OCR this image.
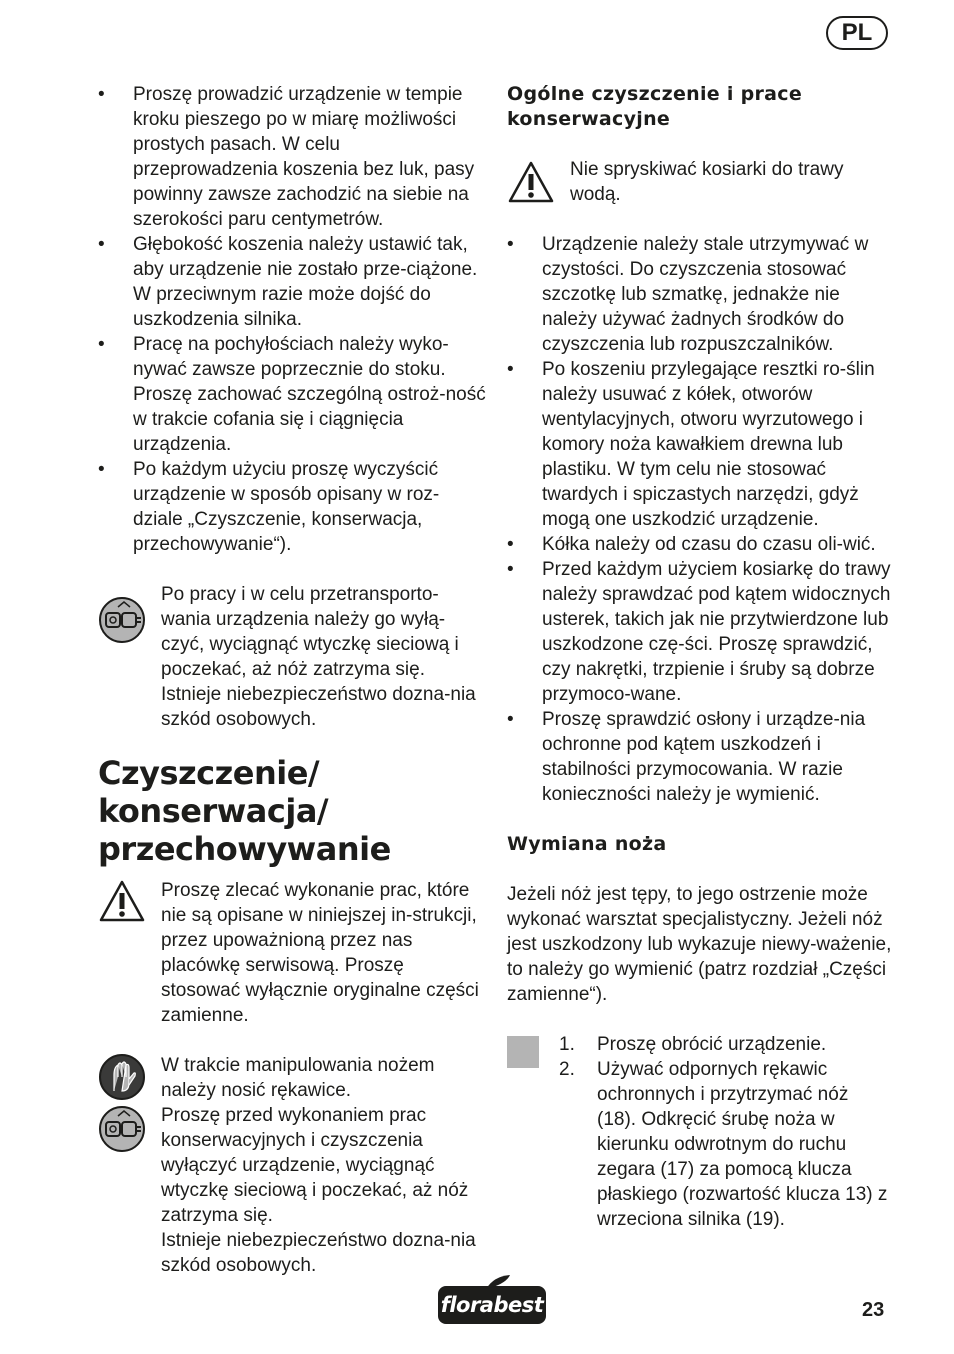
PL
• Proszę prowadzić urządzenie w tempie kroku pieszego po w miarę możliwości prostych pasach. W celu przeprowadzenia koszenia bez luk, pasy powinny zawsze zachodzić na siebie na szerokości paru centymetrów.
• Głębokość koszenia należy ustawić tak, aby urządzenie nie zostało prze-ciążone. W przeciwnym razie może dojść do uszkodzenia silnika.
• Pracę na pochyłościach należy wyko-nywać zawsze poprzecznie do stoku. Proszę zachować szczególną ostroż-ność w trakcie cofania się i ciągnięcia urządzenia.
• Po każdym użyciu proszę wyczyścić urządzenie w sposób opisany w roz-dziale „Czyszczenie, konserwacja, przechowywanie“).
Po pracy i w celu przetransporto-wania urządzenia należy go wyłą-czyć, wyciągnąć wtyczkę sieciową i poczekać, aż nóż zatrzyma się. Istnieje niebezpieczeństwo dozna-nia szkód osobowych.
Czyszczenie/
konserwacja/
przechowywanie
Proszę zlecać wykonanie prac, które nie są opisane w niniejszej in-strukcji, przez upoważnioną przez nas placówkę serwisową. Proszę stosować wyłącznie oryginalne części zamienne.
W trakcie manipulowania nożem należy nosić rękawice.
Proszę przed wykonaniem prac konserwacyjnych i czyszczenia wyłączyć urządzenie, wyciągnąć wtyczkę sieciową i poczekać, aż nóż zatrzyma się.
Istnieje niebezpieczeństwo dozna-nia szkód osobowych.
Ogólne czyszczenie i prace konserwacyjne
Nie spryskiwać kosiarki do trawy wodą.
• Urządzenie należy stale utrzymywać w czystości. Do czyszczenia stosować szczotkę lub szmatkę, jednakże nie należy używać żadnych środków do czyszczenia lub rozpuszczalników.
• Po koszeniu przylegające resztki ro-ślin należy usuwać z kółek, otworów wentylacyjnych, otworu wyrzutowego i komory noża kawałkiem drewna lub plastiku. W tym celu nie stosować twardych i spiczastych narzędzi, gdyż mogą one uszkodzić urządzenie.
• Kółka należy od czasu do czasu oli-wić.
• Przed każdym użyciem kosiarkę do trawy należy sprawdzać pod kątem widocznych usterek, takich jak nie przytwierdzone lub uszkodzone czę-ści. Proszę sprawdzić, czy nakrętki, trzpienie i śruby są dobrze przymoco-wane.
• Proszę sprawdzić osłony i urządze-nia ochronne pod kątem uszkodzeń i stabilności przymocowania. W razie konieczności należy je wymienić.
Wymiana noża

Jeżeli nóż jest tępy, to jego ostrzenie może wykonać warsztat specjalistyczny. Jeżeli nóż jest uszkodzony lub wykazuje niewy-ważenie, to należy go wymienić (patrz rozdział „Części zamienne“).

1. Proszę obrócić urządzenie.
2. Używać odpornych rękawic ochronnych i przytrzymać nóż (18). Odkręcić śrubę noża w kierunku odwrotnym do ruchu zegara (17) za pomocą klucza płaskiego (rozwartość klucza 13) z wrzeciona silnika (19).
florabest	23
